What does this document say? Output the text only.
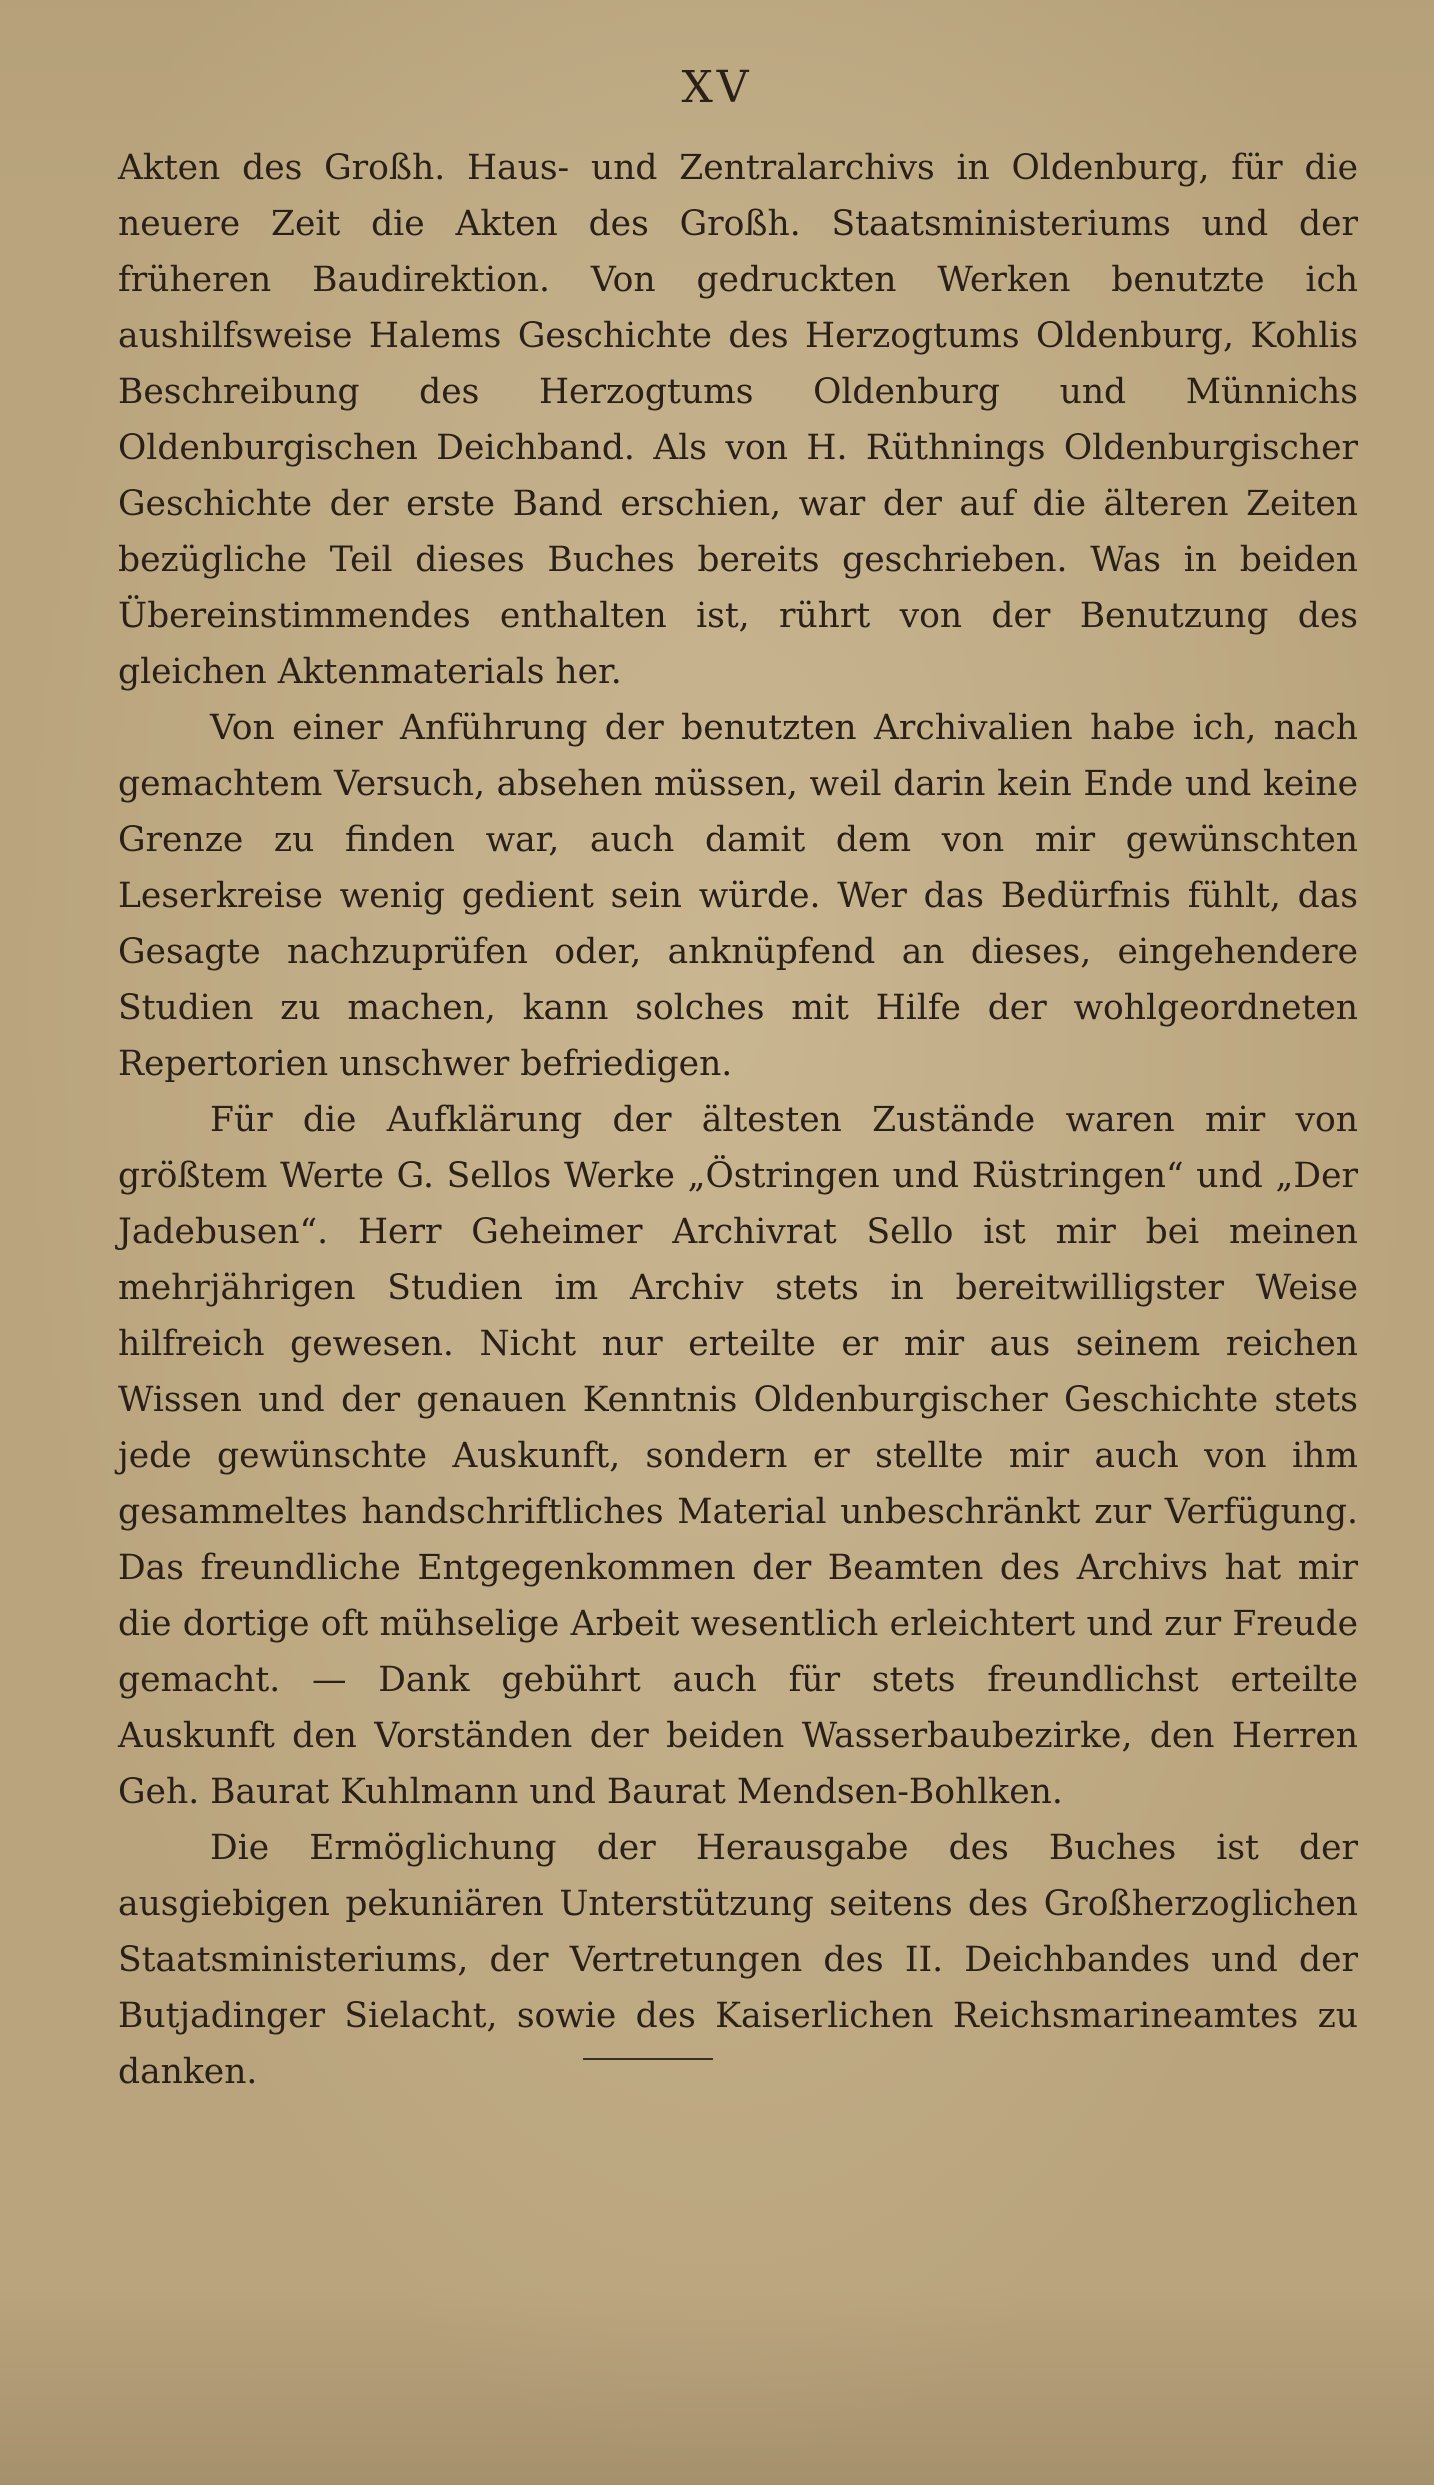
XV

Akten des Großh. Haus- und Zentralarchivs in Oldenburg, für die neuere Zeit die Akten des Großh. Staatsministeriums und der früheren Baudirektion. Von gedruckten Werken benutzte ich aushilfsweise Halems Geschichte des Herzogtums Oldenburg, Kohlis Beschreibung des Herzogtums Oldenburg und Münnichs Oldenburgischen Deichband. Als von H. Rüthnings Oldenburgischer Geschichte der erste Band erschien, war der auf die älteren Zeiten bezügliche Teil dieses Buches bereits geschrieben. Was in beiden Übereinstimmendes enthalten ist, rührt von der Benutzung des gleichen Aktenmaterials her.

Von einer Anführung der benutzten Archivalien habe ich, nach gemachtem Versuch, absehen müssen, weil darin kein Ende und keine Grenze zu finden war, auch damit dem von mir gewünschten Leserkreise wenig gedient sein würde. Wer das Bedürfnis fühlt, das Gesagte nachzuprüfen oder, anknüpfend an dieses, eingehendere Studien zu machen, kann solches mit Hilfe der wohlgeordneten Repertorien unschwer befriedigen.

Für die Aufklärung der ältesten Zustände waren mir von größtem Werte G. Sellos Werke „Östringen und Rüstringen“ und „Der Jadebusen“. Herr Geheimer Archivrat Sello ist mir bei meinen mehrjährigen Studien im Archiv stets in bereitwilligster Weise hilfreich gewesen. Nicht nur erteilte er mir aus seinem reichen Wissen und der genauen Kenntnis Oldenburgischer Geschichte stets jede gewünschte Auskunft, sondern er stellte mir auch von ihm gesammeltes handschriftliches Material unbeschränkt zur Verfügung. Das freundliche Entgegenkommen der Beamten des Archivs hat mir die dortige oft mühselige Arbeit wesentlich erleichtert und zur Freude gemacht. — Dank gebührt auch für stets freundlichst erteilte Auskunft den Vorständen der beiden Wasserbaubezirke, den Herren Geh. Baurat Kuhlmann und Baurat Mendsen-Bohlken.

Die Ermöglichung der Herausgabe des Buches ist der ausgiebigen pekuniären Unterstützung seitens des Großherzoglichen Staatsministeriums, der Vertretungen des II. Deichbandes und der Butjadinger Sielacht, sowie des Kaiserlichen Reichsmarineamtes zu danken.
